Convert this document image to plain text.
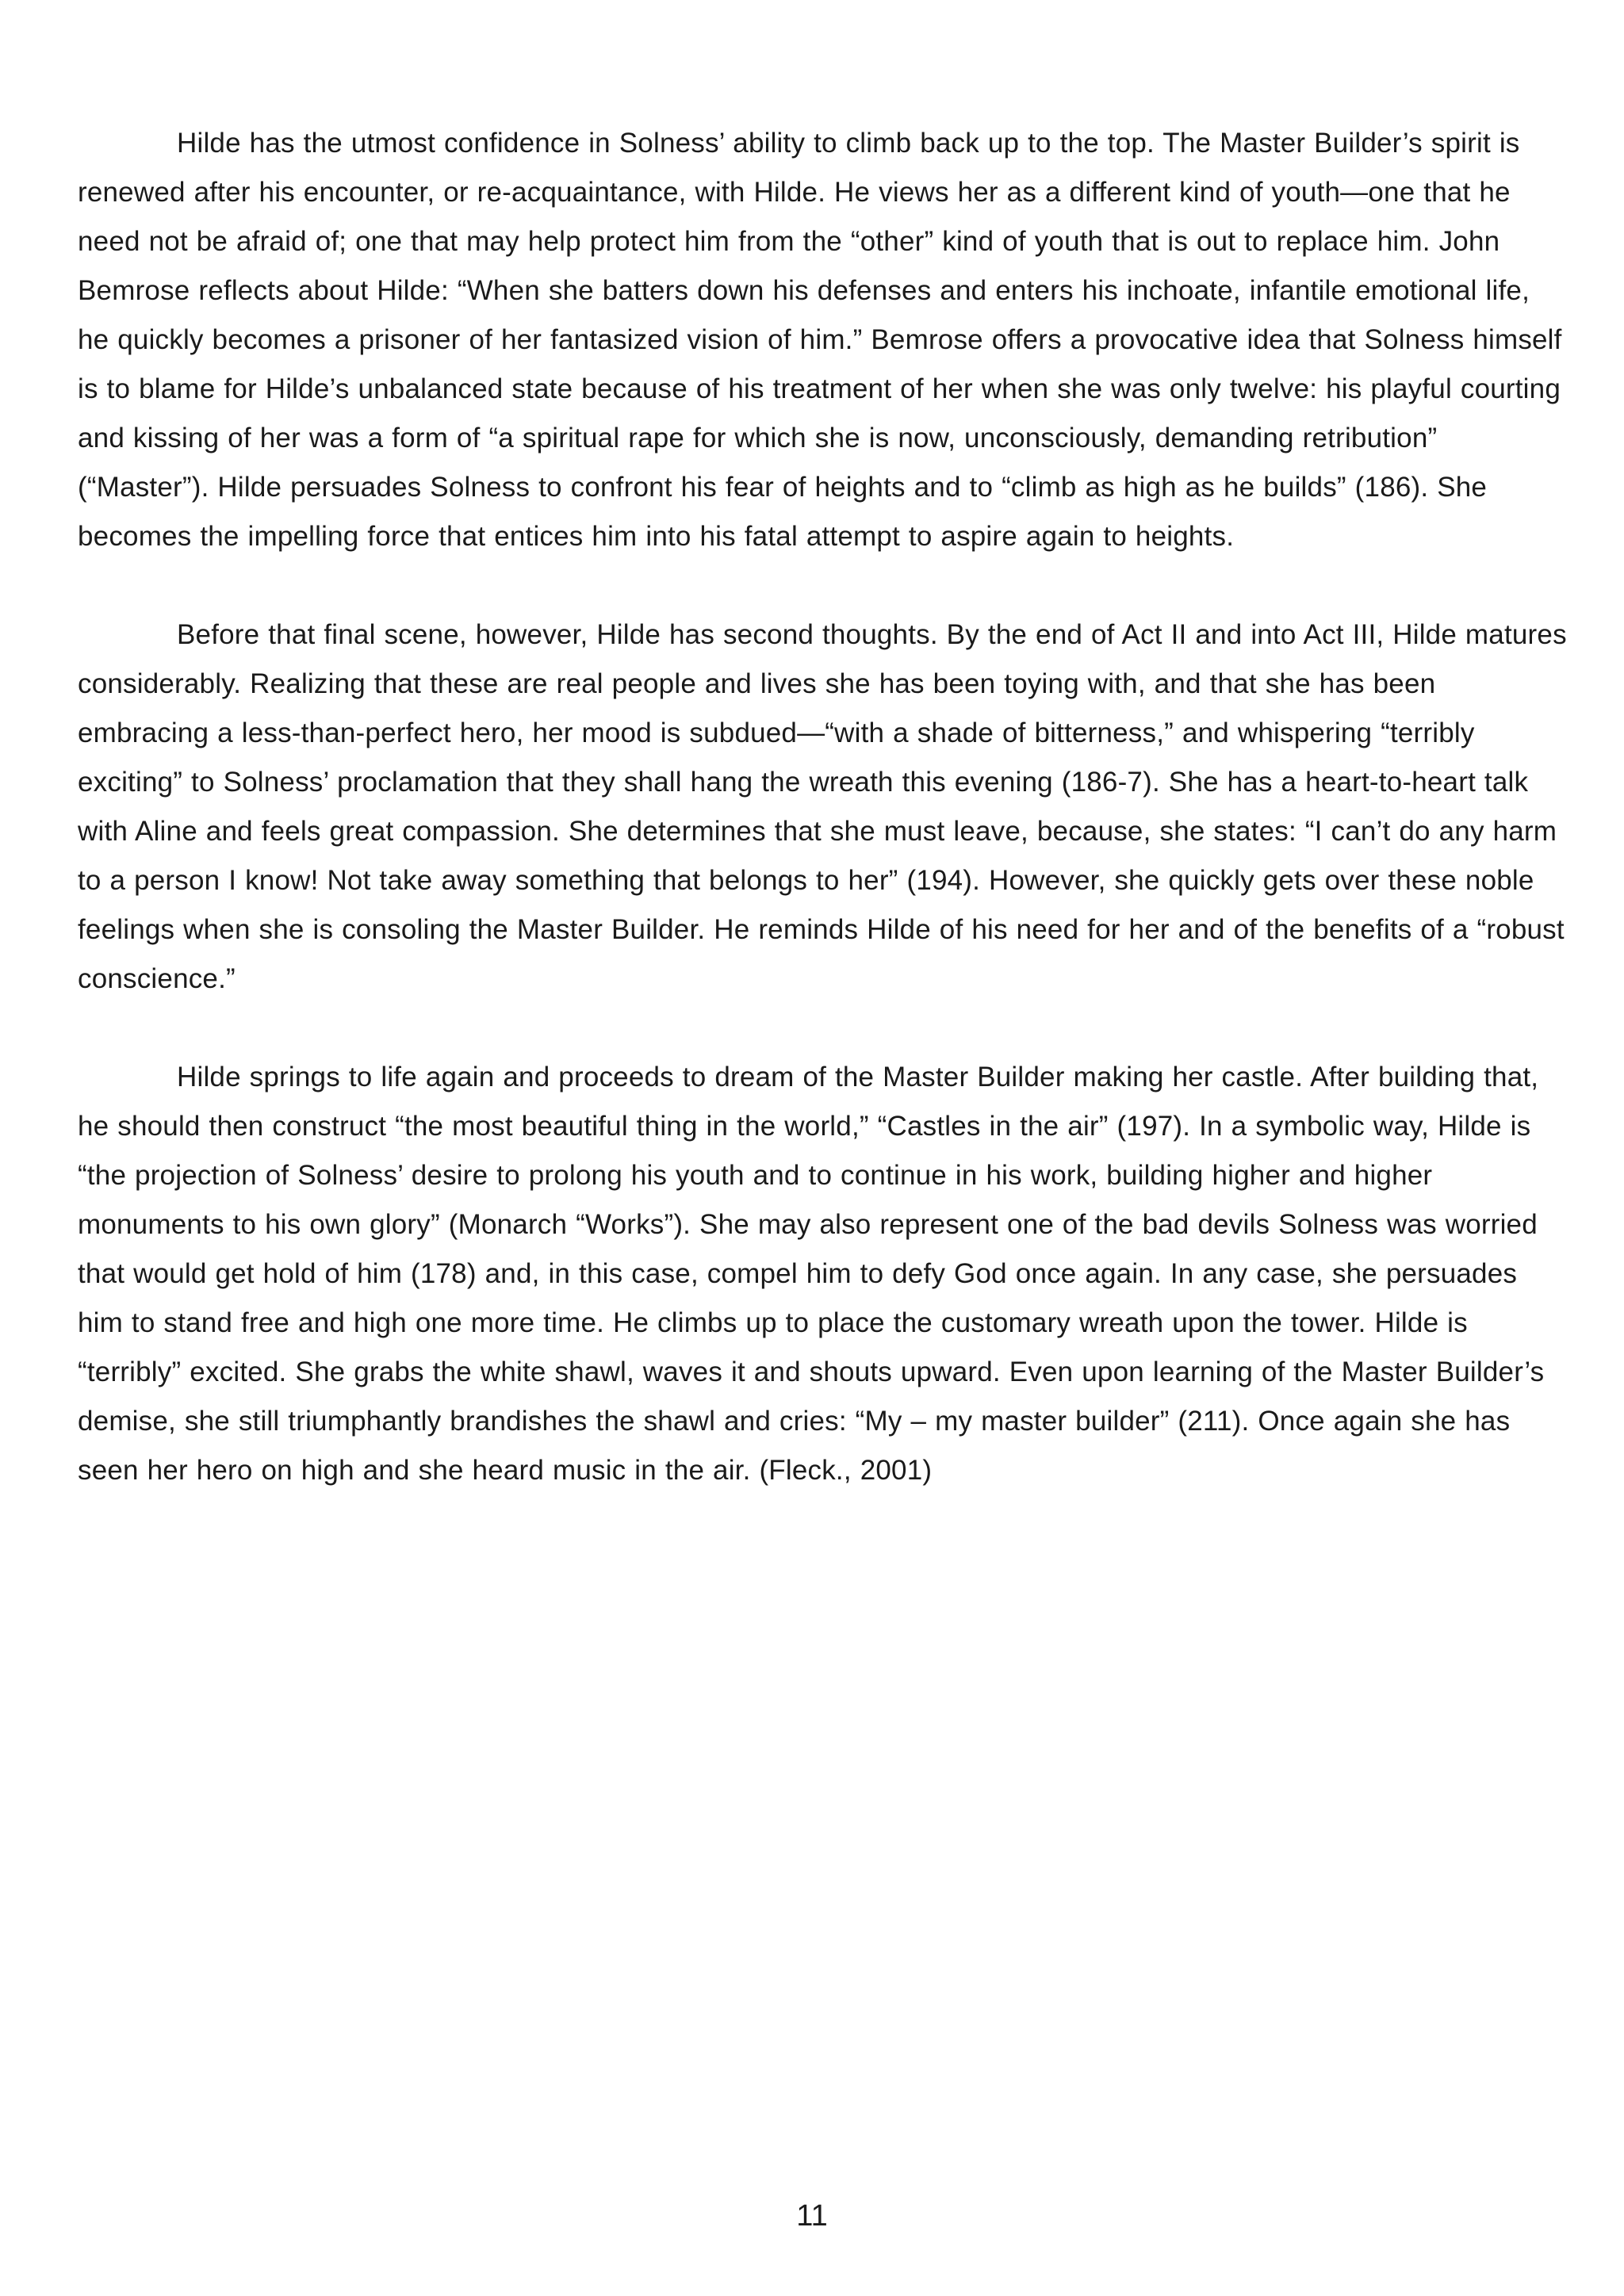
Hilde has the utmost confidence in Solness’ ability to climb back up to the top. The Master Builder’s spirit is renewed after his encounter, or re-acquaintance, with Hilde. He views her as a different kind of youth—one that he need not be afraid of; one that may help protect him from the “other” kind of youth that is out to replace him. John Bemrose reflects about Hilde: “When she batters down his defenses and enters his inchoate, infantile emotional life, he quickly becomes a prisoner of her fantasized vision of him.” Bemrose offers a provocative idea that Solness himself is to blame for Hilde’s unbalanced state because of his treatment of her when she was only twelve: his playful courting and kissing of her was a form of “a spiritual rape for which she is now, unconsciously, demanding retribution” (“Master”). Hilde persuades Solness to confront his fear of heights and to “climb as high as he builds” (186). She becomes the impelling force that entices him into his fatal attempt to aspire again to heights.

Before that final scene, however, Hilde has second thoughts. By the end of Act II and into Act III, Hilde matures considerably. Realizing that these are real people and lives she has been toying with, and that she has been embracing a less-than-perfect hero, her mood is subdued—“with a shade of bitterness,” and whispering “terribly exciting” to Solness’ proclamation that they shall hang the wreath this evening (186-7). She has a heart-to-heart talk with Aline and feels great compassion. She determines that she must leave, because, she states: “I can’t do any harm to a person I know! Not take away something that belongs to her” (194). However, she quickly gets over these noble feelings when she is consoling the Master Builder. He reminds Hilde of his need for her and of the benefits of a “robust conscience.”

Hilde springs to life again and proceeds to dream of the Master Builder making her castle. After building that, he should then construct “the most beautiful thing in the world,” “Castles in the air” (197). In a symbolic way, Hilde is “the projection of Solness’ desire to prolong his youth and to continue in his work, building higher and higher monuments to his own glory” (Monarch “Works”). She may also represent one of the bad devils Solness was worried that would get hold of him (178) and, in this case, compel him to defy God once again. In any case, she persuades him to stand free and high one more time. He climbs up to place the customary wreath upon the tower. Hilde is “terribly” excited. She grabs the white shawl, waves it and shouts upward. Even upon learning of the Master Builder’s demise, she still triumphantly brandishes the shawl and cries: “My – my master builder” (211). Once again she has seen her hero on high and she heard music in the air. (Fleck., 2001)

11
